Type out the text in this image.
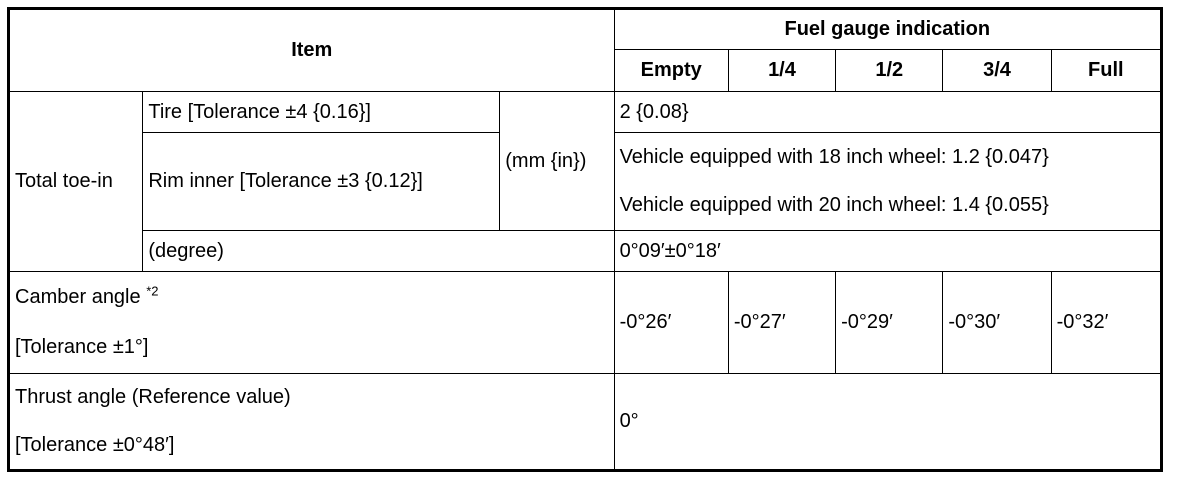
Item			Fuel gauge indication				
			Empty	1/4	1/2	3/4	Full
Total toe-in	Tire [Tolerance ±4 {0.16}]	(mm {in})	2 {0.08}				
	Rim inner [Tolerance ±3 {0.12}]		Vehicle equipped with 18 inch wheel: 1.2 {0.047}
Vehicle equipped with 20 inch wheel: 1.4 {0.055}				

	(degree)		0°09′±0°18′				

Camber angle $^{*2}$
[Tolerance ±1°]			-0°26′	-0°27′	-0°29′	-0°30′	-0°32′

Thrust angle (Reference value)
[Tolerance ±0°48′]			0°				
